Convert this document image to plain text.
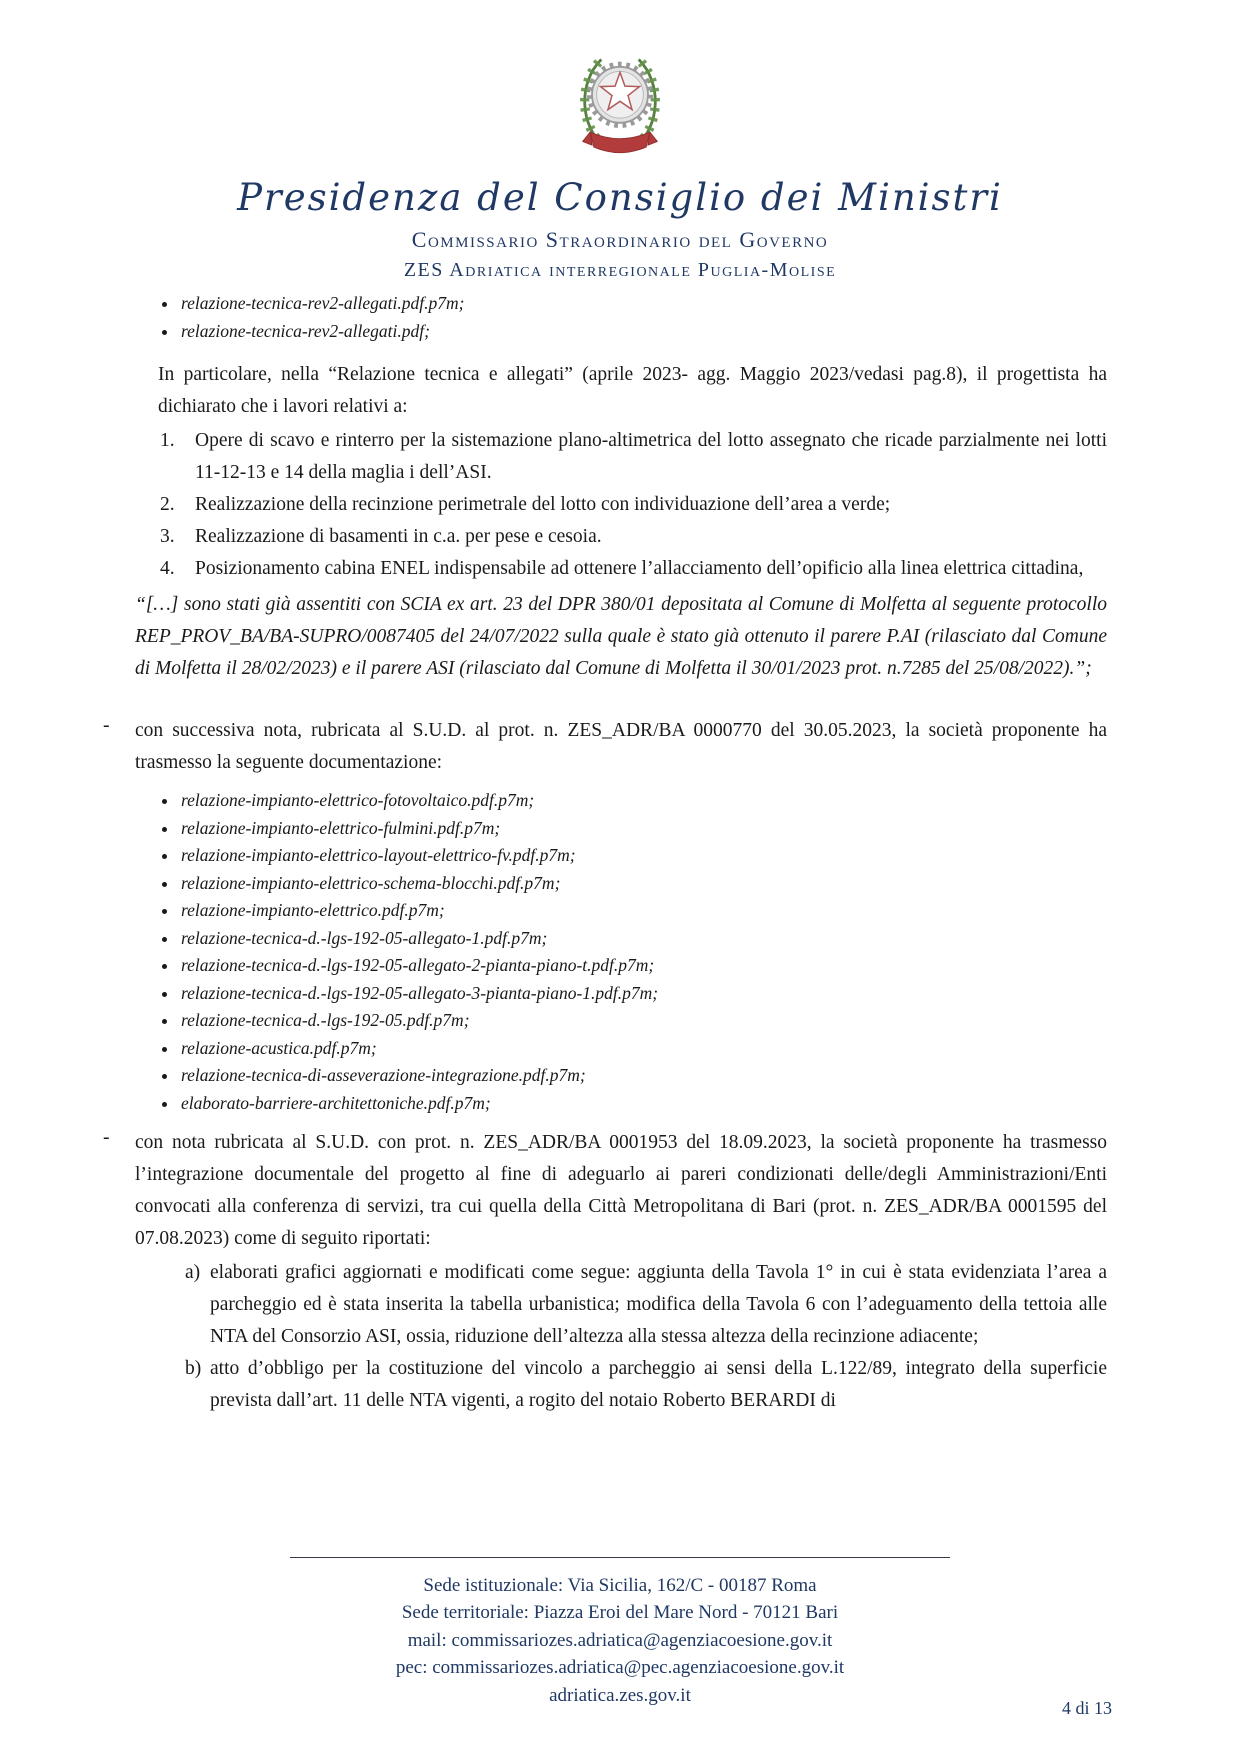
Presidenza del Consiglio dei Ministri
Commissario Straordinario del Governo
ZES Adriatica interregionale Puglia-Molise
• relazione-tecnica-rev2-allegati.pdf.p7m;
• relazione-tecnica-rev2-allegati.pdf;

In particolare, nella “Relazione tecnica e allegati” (aprile 2023- agg. Maggio 2023/vedasi pag.8), il progettista ha dichiarato che i lavori relativi a:

Opere di scavo e rinterro per la sistemazione plano-altimetrica del lotto assegnato che ricade parzialmente nei lotti 11-12-13 e 14 della maglia i dell’ASI.
Realizzazione della recinzione perimetrale del lotto con individuazione dell’area a verde;
Realizzazione di basamenti in c.a. per pese e cesoia.
Posizionamento cabina ENEL indispensabile ad ottenere l’allacciamento dell’opificio alla linea elettrica cittadina,

“[…] sono stati già assentiti con SCIA ex art. 23 del DPR 380/01 depositata al Comune di Molfetta al seguente protocollo REP_PROV_BA/BA-SUPRO/0087405 del 24/07/2022 sulla quale è stato già ottenuto il parere P.AI (rilasciato dal Comune di Molfetta il 28/02/2023) e il parere ASI (rilasciato dal Comune di Molfetta il 30/01/2023 prot. n.7285 del 25/08/2022).”;

- con successiva nota, rubricata al S.U.D. al prot. n. ZES_ADR/BA 0000770 del 30.05.2023, la società proponente ha trasmesso la seguente documentazione:

• relazione-impianto-elettrico-fotovoltaico.pdf.p7m;
• relazione-impianto-elettrico-fulmini.pdf.p7m;
• relazione-impianto-elettrico-layout-elettrico-fv.pdf.p7m;
• relazione-impianto-elettrico-schema-blocchi.pdf.p7m;
• relazione-impianto-elettrico.pdf.p7m;
• relazione-tecnica-d.-lgs-192-05-allegato-1.pdf.p7m;
• relazione-tecnica-d.-lgs-192-05-allegato-2-pianta-piano-t.pdf.p7m;
• relazione-tecnica-d.-lgs-192-05-allegato-3-pianta-piano-1.pdf.p7m;
• relazione-tecnica-d.-lgs-192-05.pdf.p7m;
• relazione-acustica.pdf.p7m;
• relazione-tecnica-di-asseverazione-integrazione.pdf.p7m;
• elaborato-barriere-architettoniche.pdf.p7m;
- con nota rubricata al S.U.D. con prot. n. ZES_ADR/BA 0001953 del 18.09.2023, la società proponente ha trasmesso l’integrazione documentale del progetto al fine di adeguarlo ai pareri condizionati delle/degli Amministrazioni/Enti convocati alla conferenza di servizi, tra cui quella della Città Metropolitana di Bari (prot. n. ZES_ADR/BA 0001595 del 07.08.2023) come di seguito riportati:

a) elaborati grafici aggiornati e modificati come segue: aggiunta della Tavola 1° in cui è stata evidenziata l’area a parcheggio ed è stata inserita la tabella urbanistica; modifica della Tavola 6 con l’adeguamento della tettoia alle NTA del Consorzio ASI, ossia, riduzione dell’altezza alla stessa altezza della recinzione adiacente;
b) atto d’obbligo per la costituzione del vincolo a parcheggio ai sensi della L.122/89, integrato della superficie prevista dall’art. 11 delle NTA vigenti, a rogito del notaio Roberto BERARDI di
Sede istituzionale: Via Sicilia, 162/C - 00187 Roma
Sede territoriale: Piazza Eroi del Mare Nord - 70121 Bari
mail: commissariozes.adriatica@agenziacoesione.gov.it
pec: commissariozes.adriatica@pec.agenziacoesione.gov.it
adriatica.zes.gov.it
4 di 13
